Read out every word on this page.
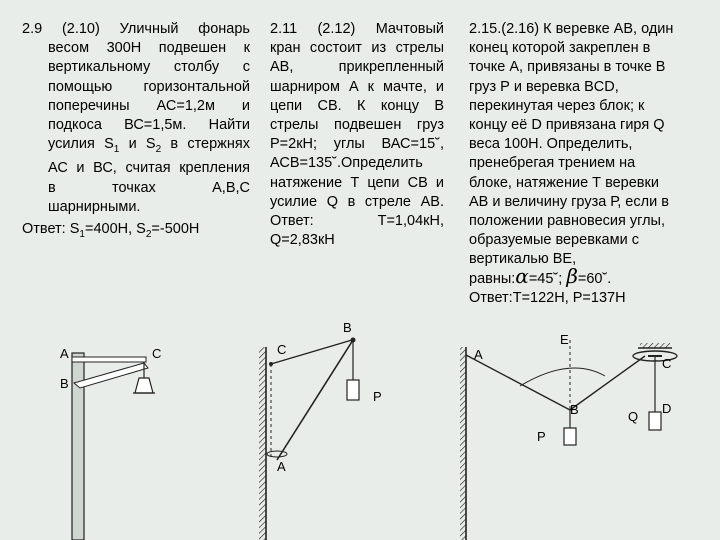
2.9 (2.10) Уличный фонарь

весом 300Н подвешен к

вертикальному столбу с

помощью горизонтальной

поперечины АС=1,2м и

подкоса ВС=1,5м. Найти

усилия $S_1$ и $S_2$ в стержнях

АС и ВС, считая крепления

в точках А,В,С

шарнирными.

Ответ: $S_1=400Н$, $S_2=-500Н$

2.11 (2.12) Мачтовый

кран состоит из стрелы

АВ, прикрепленный

шарниром А к мачте, и

цепи СВ. К концу В

стрелы подвешен груз

Р=2кН; углы ВАС=15˘,

АСВ=135˘.Определить

натяжение Т цепи СВ и

усилие Q в стреле АВ.

Ответ: Т=1,04кН,

Q=2,83кН

2.15.(2.16) К веревке АВ, один

конец которой закреплен в

точке А, привязаны в точке В

груз Р и веревка BCD,

перекинутая через блок; к

концу её D привязана гиря Q

веса 100Н. Определить,

пренебрегая трением на

блоке, натяжение Т веревки

АВ и величину груза Р, если в

положении равновесия углы,

образуемые веревками с

вертикалью ВЕ,

равны:α=45˘; β=60˘.

Ответ:Т=122Н, Р=137Н

А	С
В
С
В
А
Р
А
Е
С
В	Q
D
Р
